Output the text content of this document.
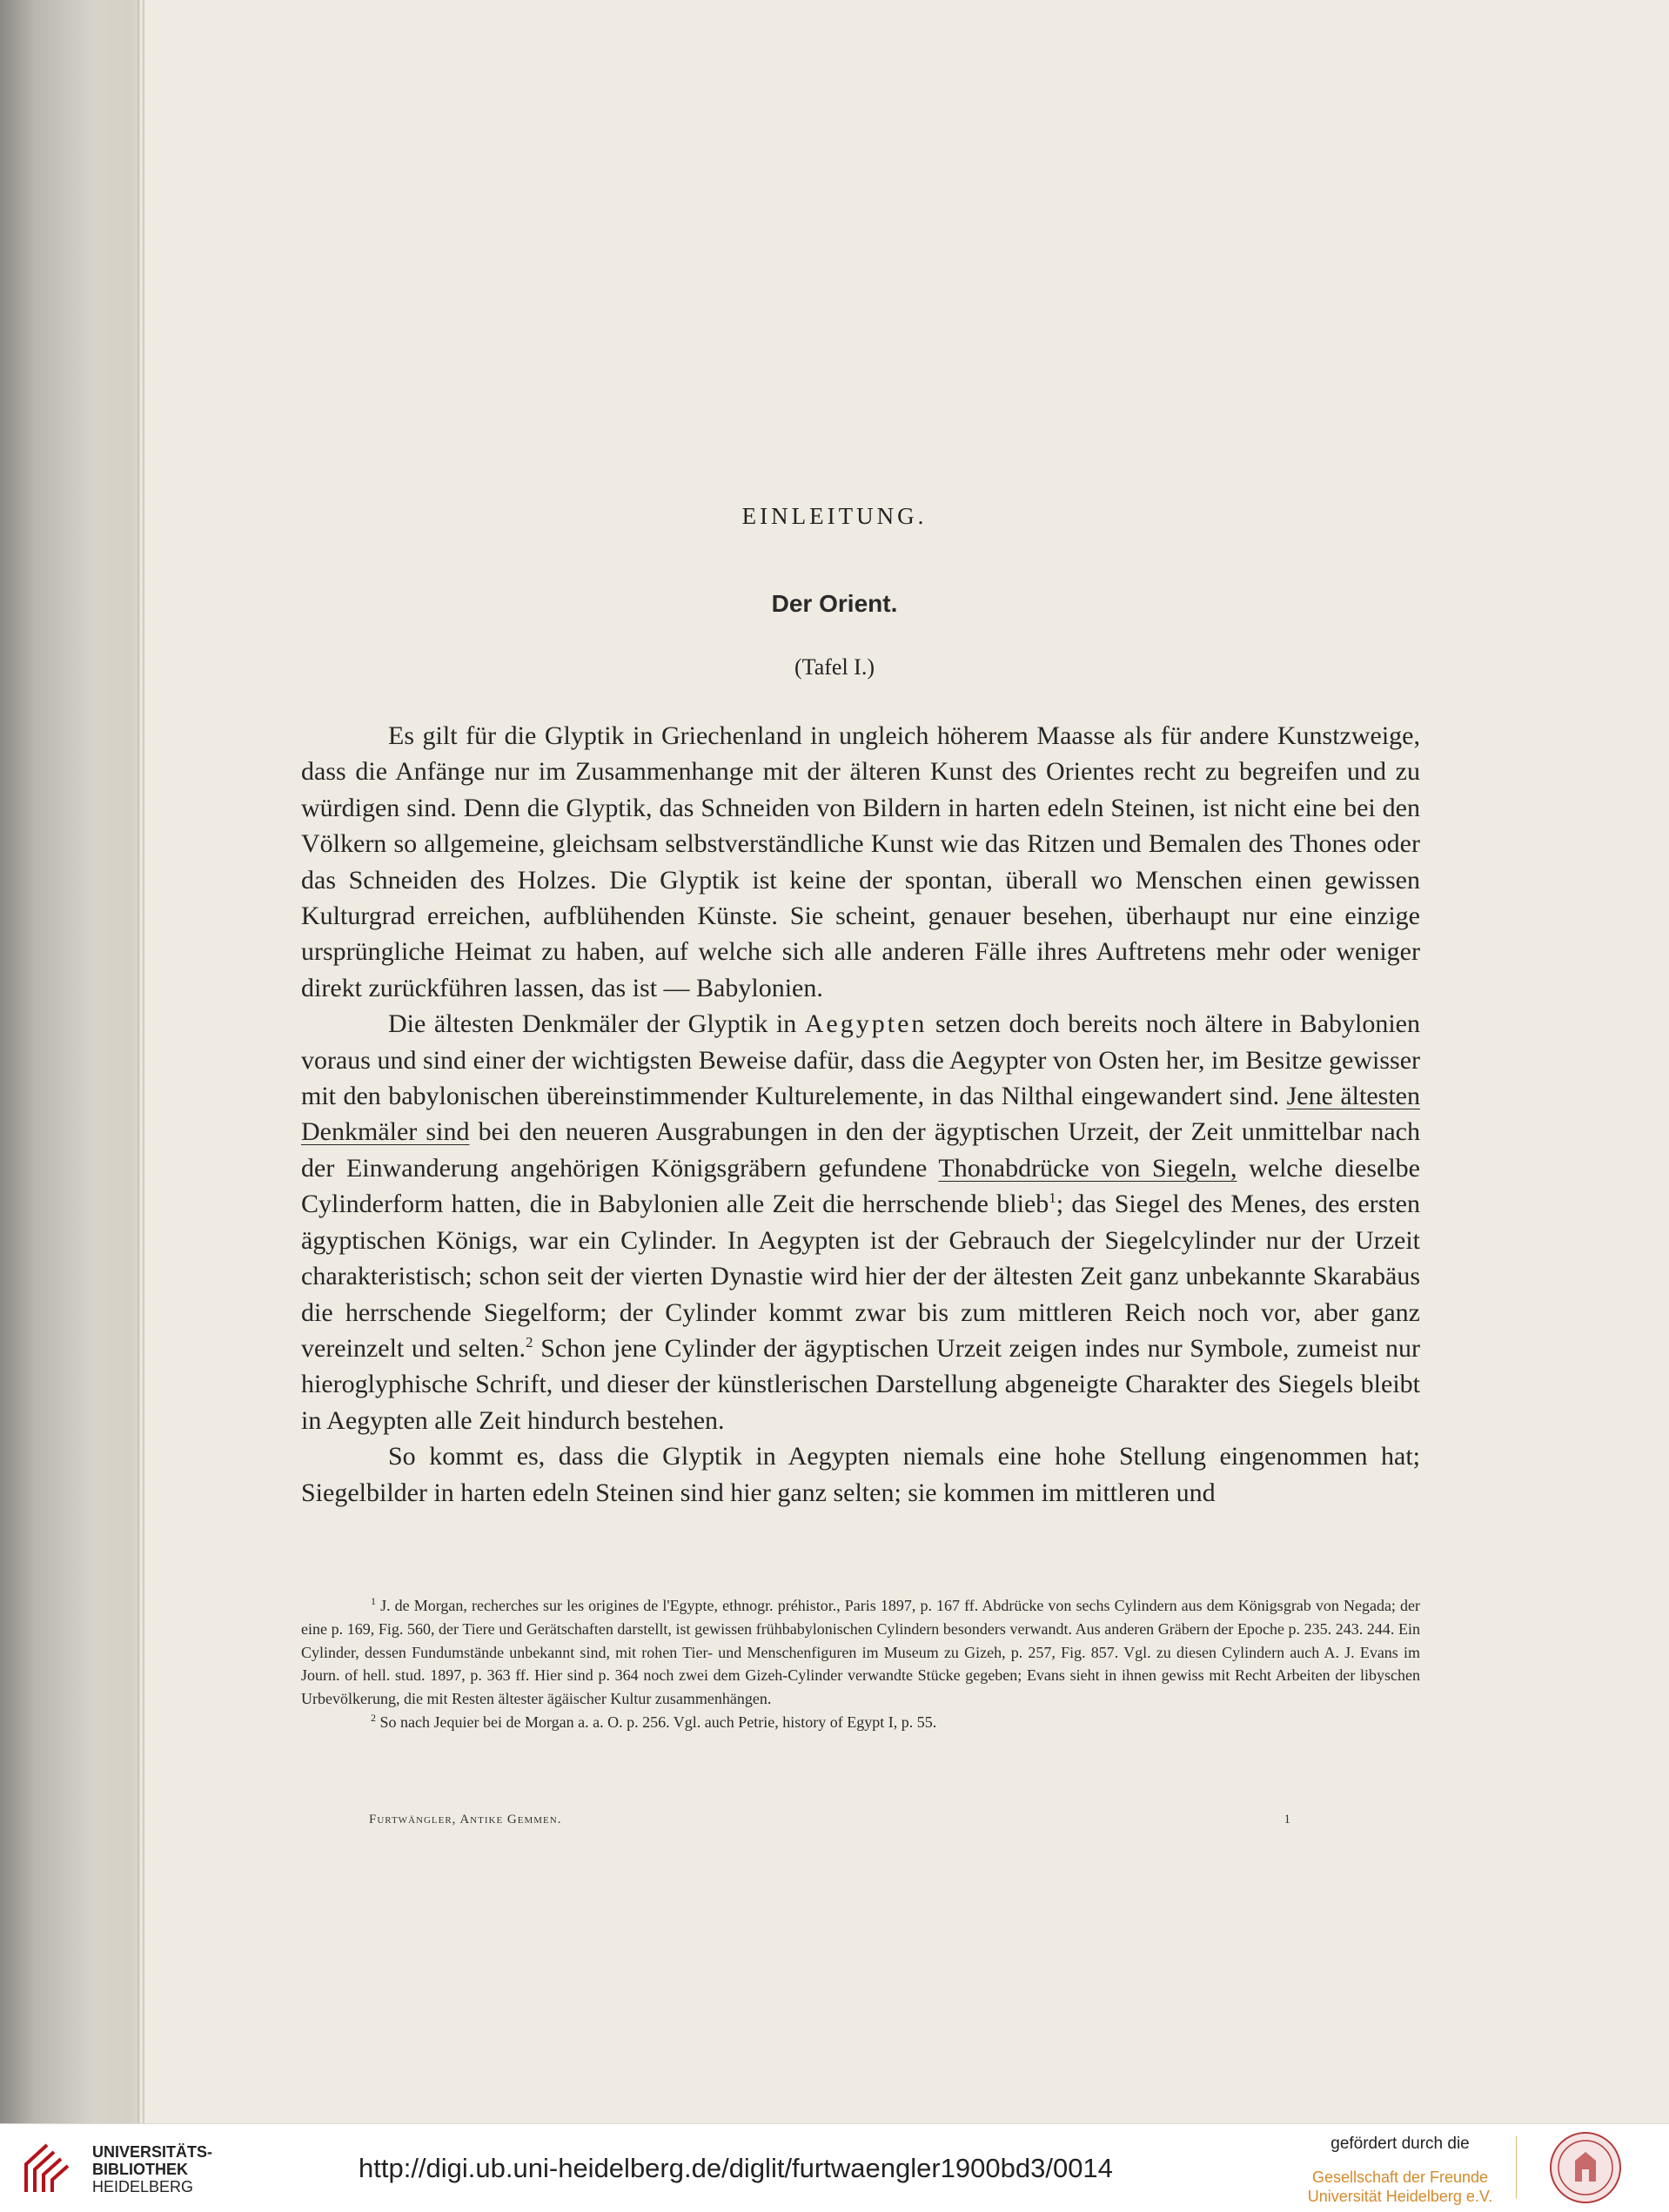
EINLEITUNG.
Der Orient.
(Tafel I.)

Es gilt für die Glyptik in Griechenland in ungleich höherem Maasse als für andere Kunstzweige, dass die Anfänge nur im Zusammenhange mit der älteren Kunst des Orientes recht zu begreifen und zu würdigen sind. Denn die Glyptik, das Schneiden von Bildern in harten edeln Steinen, ist nicht eine bei den Völkern so allgemeine, gleichsam selbstverständliche Kunst wie das Ritzen und Bemalen des Thones oder das Schneiden des Holzes. Die Glyptik ist keine der spontan, überall wo Menschen einen gewissen Kulturgrad erreichen, aufblühenden Künste. Sie scheint, genauer besehen, überhaupt nur eine einzige ursprüngliche Heimat zu haben, auf welche sich alle anderen Fälle ihres Auftretens mehr oder weniger direkt zurückführen lassen, das ist — Babylonien.

Die ältesten Denkmäler der Glyptik in Aegypten setzen doch bereits noch ältere in Babylonien voraus und sind einer der wichtigsten Beweise dafür, dass die Aegypter von Osten her, im Besitze gewisser mit den babylonischen übereinstimmender Kulturelemente, in das Nilthal eingewandert sind. Jene ältesten Denkmäler sind bei den neueren Ausgrabungen in den der ägyptischen Urzeit, der Zeit unmittelbar nach der Einwanderung angehörigen Königsgräbern gefundene Thonabdrücke von Siegeln, welche dieselbe Cylinderform hatten, die in Babylonien alle Zeit die herrschende blieb$^1$; das Siegel des Menes, des ersten ägyptischen Königs, war ein Cylinder. In Aegypten ist der Gebrauch der Siegelcylinder nur der Urzeit charakteristisch; schon seit der vierten Dynastie wird hier der der ältesten Zeit ganz unbekannte Skarabäus die herrschende Siegelform; der Cylinder kommt zwar bis zum mittleren Reich noch vor, aber ganz vereinzelt und selten.$^2$ Schon jene Cylinder der ägyptischen Urzeit zeigen indes nur Symbole, zumeist nur hieroglyphische Schrift, und dieser der künstlerischen Darstellung abgeneigte Charakter des Siegels bleibt in Aegypten alle Zeit hindurch bestehen.

So kommt es, dass die Glyptik in Aegypten niemals eine hohe Stellung eingenommen hat; Siegelbilder in harten edeln Steinen sind hier ganz selten; sie kommen im mittleren und

$^1$ J. de Morgan, recherches sur les origines de l'Egypte, ethnogr. préhistor., Paris 1897, p. 167 ff. Abdrücke von sechs Cylindern aus dem Königsgrab von Negada; der eine p. 169, Fig. 560, der Tiere und Gerätschaften darstellt, ist gewissen frühbabylonischen Cylindern besonders verwandt. Aus anderen Gräbern der Epoche p. 235. 243. 244. Ein Cylinder, dessen Fundumstände unbekannt sind, mit rohen Tier- und Menschenfiguren im Museum zu Gizeh, p. 257, Fig. 857. Vgl. zu diesen Cylindern auch A. J. Evans im Journ. of hell. stud. 1897, p. 363 ff. Hier sind p. 364 noch zwei dem Gizeh-Cylinder verwandte Stücke gegeben; Evans sieht in ihnen gewiss mit Recht Arbeiten der libyschen Urbevölkerung, die mit Resten ältester ägäischer Kultur zusammenhängen.

$^2$ So nach Jequier bei de Morgan a. a. O. p. 256. Vgl. auch Petrie, history of Egypt I, p. 55.

Furtwängler, Antike Gemmen.	1
UNIVERSITÄTS-
BIBLIOTHEK
HEIDELBERG
http://digi.ub.uni-heidelberg.de/diglit/furtwaengler1900bd3/0014
gefördert durch die
Gesellschaft der Freunde
Universität Heidelberg e.V.
